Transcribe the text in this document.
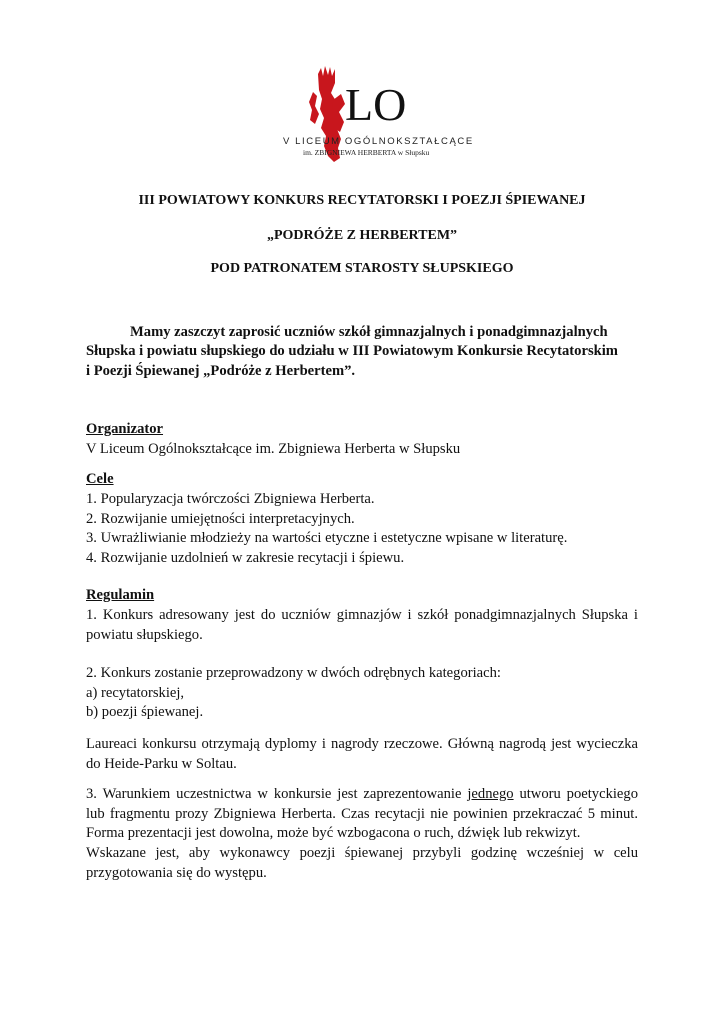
LO
V LICEUM OGÓLNOKSZTAŁCĄCE
im. ZBIGNIEWA HERBERTA w Słupsku
III POWIATOWY KONKURS RECYTATORSKI I POEZJI ŚPIEWANEJ
„PODRÓŻE Z HERBERTEM”
POD PATRONATEM STAROSTY SŁUPSKIEGO
Mamy zaszczyt zaprosić uczniów szkół gimnazjalnych i ponadgimnazjalnych
Słupska i powiatu słupskiego do udziału w III Powiatowym Konkursie Recytatorskim
i Poezji Śpiewanej „Podróże z Herbertem”.
Organizator
V Liceum Ogólnokształcące im. Zbigniewa Herberta w Słupsku
Cele
1. Popularyzacja twórczości Zbigniewa Herberta.
2. Rozwijanie umiejętności interpretacyjnych.
3. Uwrażliwianie młodzieży na wartości etyczne i estetyczne wpisane w literaturę.
4. Rozwijanie uzdolnień w zakresie recytacji i śpiewu.
Regulamin
1. Konkurs adresowany jest do uczniów gimnazjów i szkół ponadgimnazjalnych Słupska i powiatu słupskiego.
2. Konkurs zostanie przeprowadzony w dwóch odrębnych kategoriach:
a) recytatorskiej,
b) poezji śpiewanej.
Laureaci konkursu otrzymają dyplomy i nagrody rzeczowe. Główną nagrodą jest wycieczka do Heide-Parku w Soltau.
3. Warunkiem uczestnictwa w konkursie jest zaprezentowanie jednego utworu poetyckiego lub fragmentu prozy Zbigniewa Herberta. Czas recytacji nie powinien przekraczać 5 minut. Forma prezentacji jest dowolna, może być wzbogacona o ruch, dźwięk lub rekwizyt.
Wskazane jest, aby wykonawcy poezji śpiewanej przybyli godzinę wcześniej w celu przygotowania się do występu.
